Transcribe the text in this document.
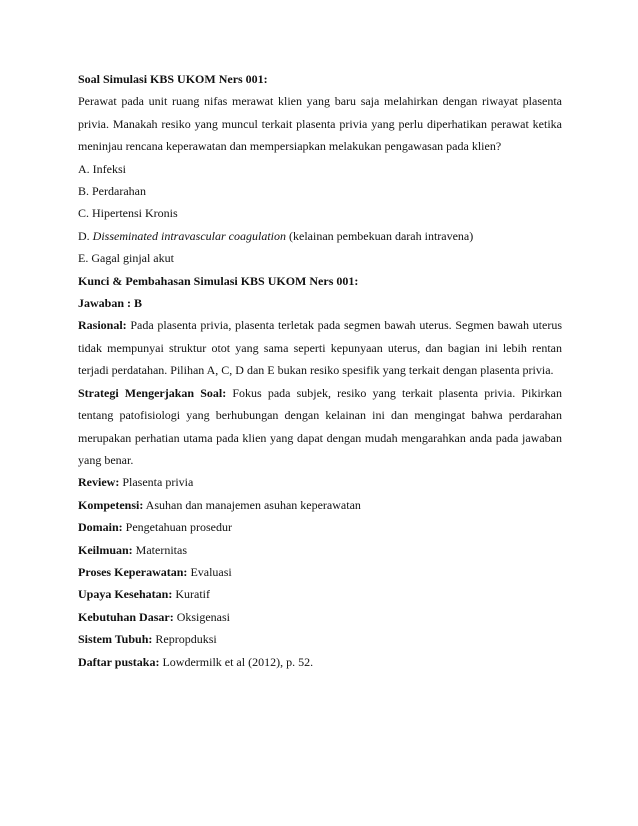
Soal Simulasi KBS UKOM Ners 001:

Perawat pada unit ruang nifas merawat klien yang baru saja melahirkan dengan riwayat plasenta privia. Manakah resiko yang muncul terkait plasenta privia yang perlu diperhatikan perawat ketika meninjau rencana keperawatan dan mempersiapkan melakukan pengawasan pada klien?

A. Infeksi

B. Perdarahan

C. Hipertensi Kronis

D. Disseminated intravascular coagulation (kelainan pembekuan darah intravena)

E. Gagal ginjal akut

Kunci & Pembahasan Simulasi KBS UKOM Ners 001:

Jawaban : B

Rasional: Pada plasenta privia, plasenta terletak pada segmen bawah uterus. Segmen bawah uterus tidak mempunyai struktur otot yang sama seperti kepunyaan uterus, dan bagian ini lebih rentan terjadi perdatahan. Pilihan A, C, D dan E bukan resiko spesifik yang terkait dengan plasenta privia.

Strategi Mengerjakan Soal: Fokus pada subjek, resiko yang terkait plasenta privia. Pikirkan tentang patofisiologi yang berhubungan dengan kelainan ini dan mengingat bahwa perdarahan merupakan perhatian utama pada klien yang dapat dengan mudah mengarahkan anda pada jawaban yang benar.

Review: Plasenta privia

Kompetensi: Asuhan dan manajemen asuhan keperawatan

Domain: Pengetahuan prosedur

Keilmuan: Maternitas

Proses Keperawatan: Evaluasi

Upaya Kesehatan: Kuratif

Kebutuhan Dasar: Oksigenasi

Sistem Tubuh: Repropduksi

Daftar pustaka: Lowdermilk et al (2012), p. 52.
